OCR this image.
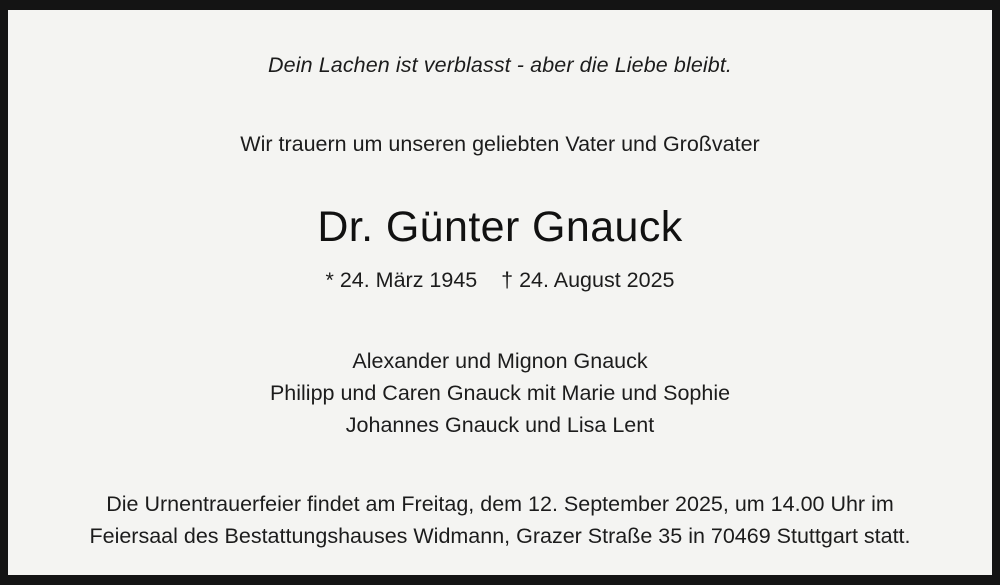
Dein Lachen ist verblasst - aber die Liebe bleibt.

Wir trauern um unseren geliebten Vater und Großvater

Dr. Günter Gnauck

* 24. März 1945    † 24. August 2025

Alexander und Mignon Gnauck
Philipp und Caren Gnauck mit Marie und Sophie
Johannes Gnauck und Lisa Lent
Die Urnentrauerfeier findet am Freitag, dem 12. September 2025, um 14.00 Uhr im
Feiersaal des Bestattungshauses Widmann, Grazer Straße 35 in 70469 Stuttgart statt.
